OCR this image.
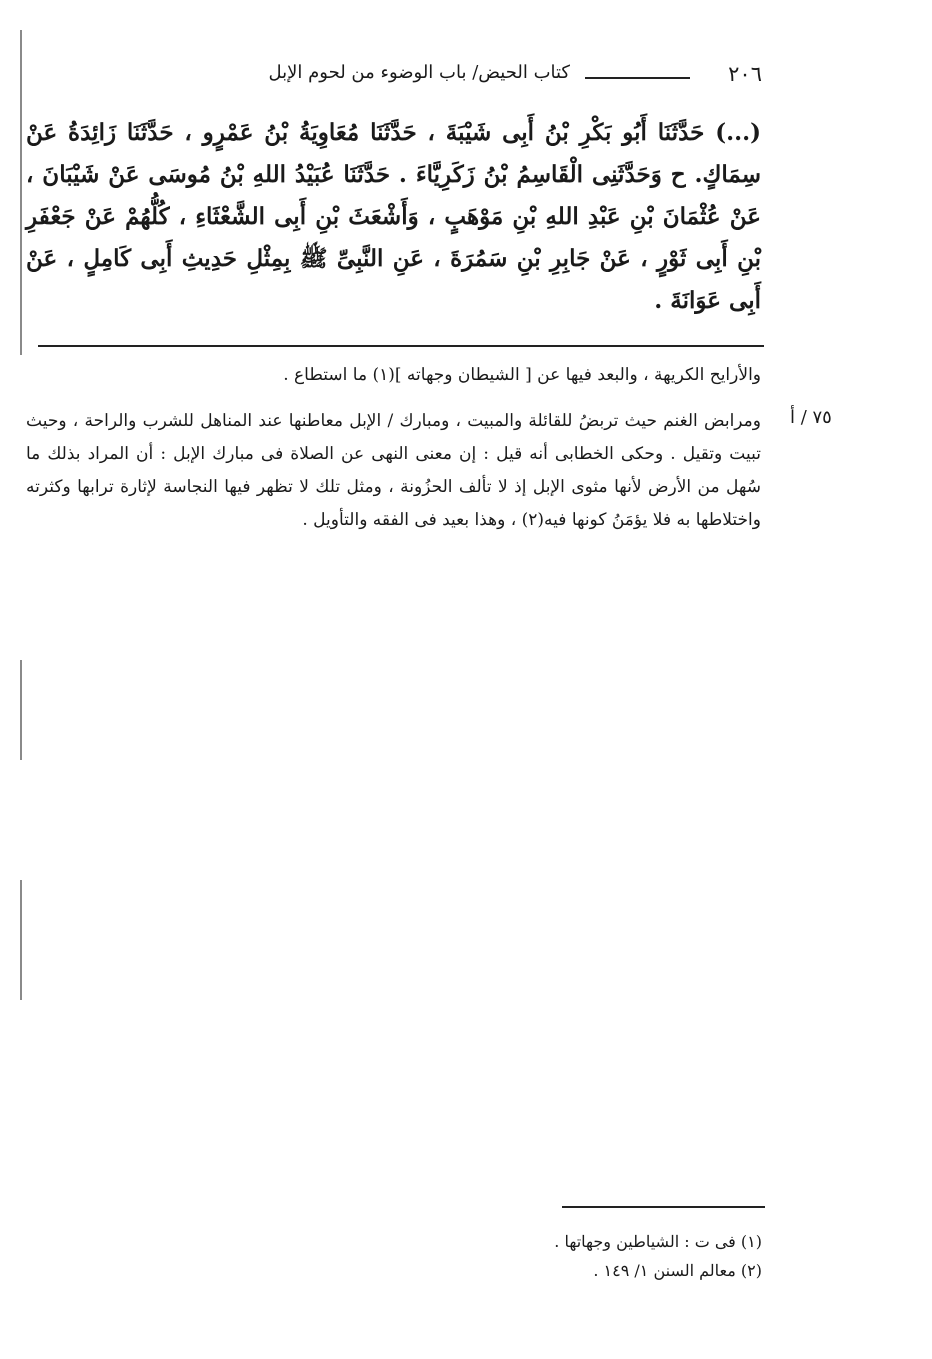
٢٠٦
كتاب الحيض/ باب الوضوء من لحوم الإبل
(...) حَدَّثَنَا أَبُو بَكْرِ بْنُ أَبِى شَيْبَةَ ، حَدَّثَنَا مُعَاوِيَةُ بْنُ عَمْرٍو ، حَدَّثَنَا زَائِدَةُ عَنْ سِمَاكٍ. ح وَحَدَّثَنِى الْقَاسِمُ بْنُ زَكَرِيَّاءَ . حَدَّثَنَا عُبَيْدُ اللهِ بْنُ مُوسَى عَنْ شَيْبَانَ ، عَنْ عُثْمَانَ بْنِ عَبْدِ اللهِ بْنِ مَوْهَبٍ ، وَأَشْعَثَ بْنِ أَبِى الشَّعْثَاءِ ، كُلُّهُمْ عَنْ جَعْفَرِ بْنِ أَبِى ثَوْرٍ ، عَنْ جَابِرِ بْنِ سَمُرَةَ ، عَنِ النَّبِىِّ ﷺ بِمِثْلِ حَدِيثِ أَبِى كَامِلٍ ، عَنْ أَبِى عَوَانَةَ .
والأرايح الكريهة ، والبعد فيها عن [ الشيطان وجهاته ](١) ما استطاع .
٧٥ / أ
ومرابض الغنم حيث تربضُ للقائلة والمبيت ، ومبارك / الإبل معاطنها عند المناهل للشرب والراحة ، وحيث تبيت وتقيل . وحكى الخطابى أنه قيل : إن معنى النهى عن الصلاة فى مبارك الإبل : أن المراد بذلك ما سُهل من الأرض لأنها مثوى الإبل إذ لا تألف الحزُونة ، ومثل تلك لا تظهر فيها النجاسة لإثارة ترابها وكثرته واختلاطها به فلا يؤمَنُ كونها فيه(٢) ، وهذا بعيد فى الفقه والتأويل .
(١) فى ت : الشياطين وجهاتها .
(٢) معالم السنن ١/ ١٤٩ .
